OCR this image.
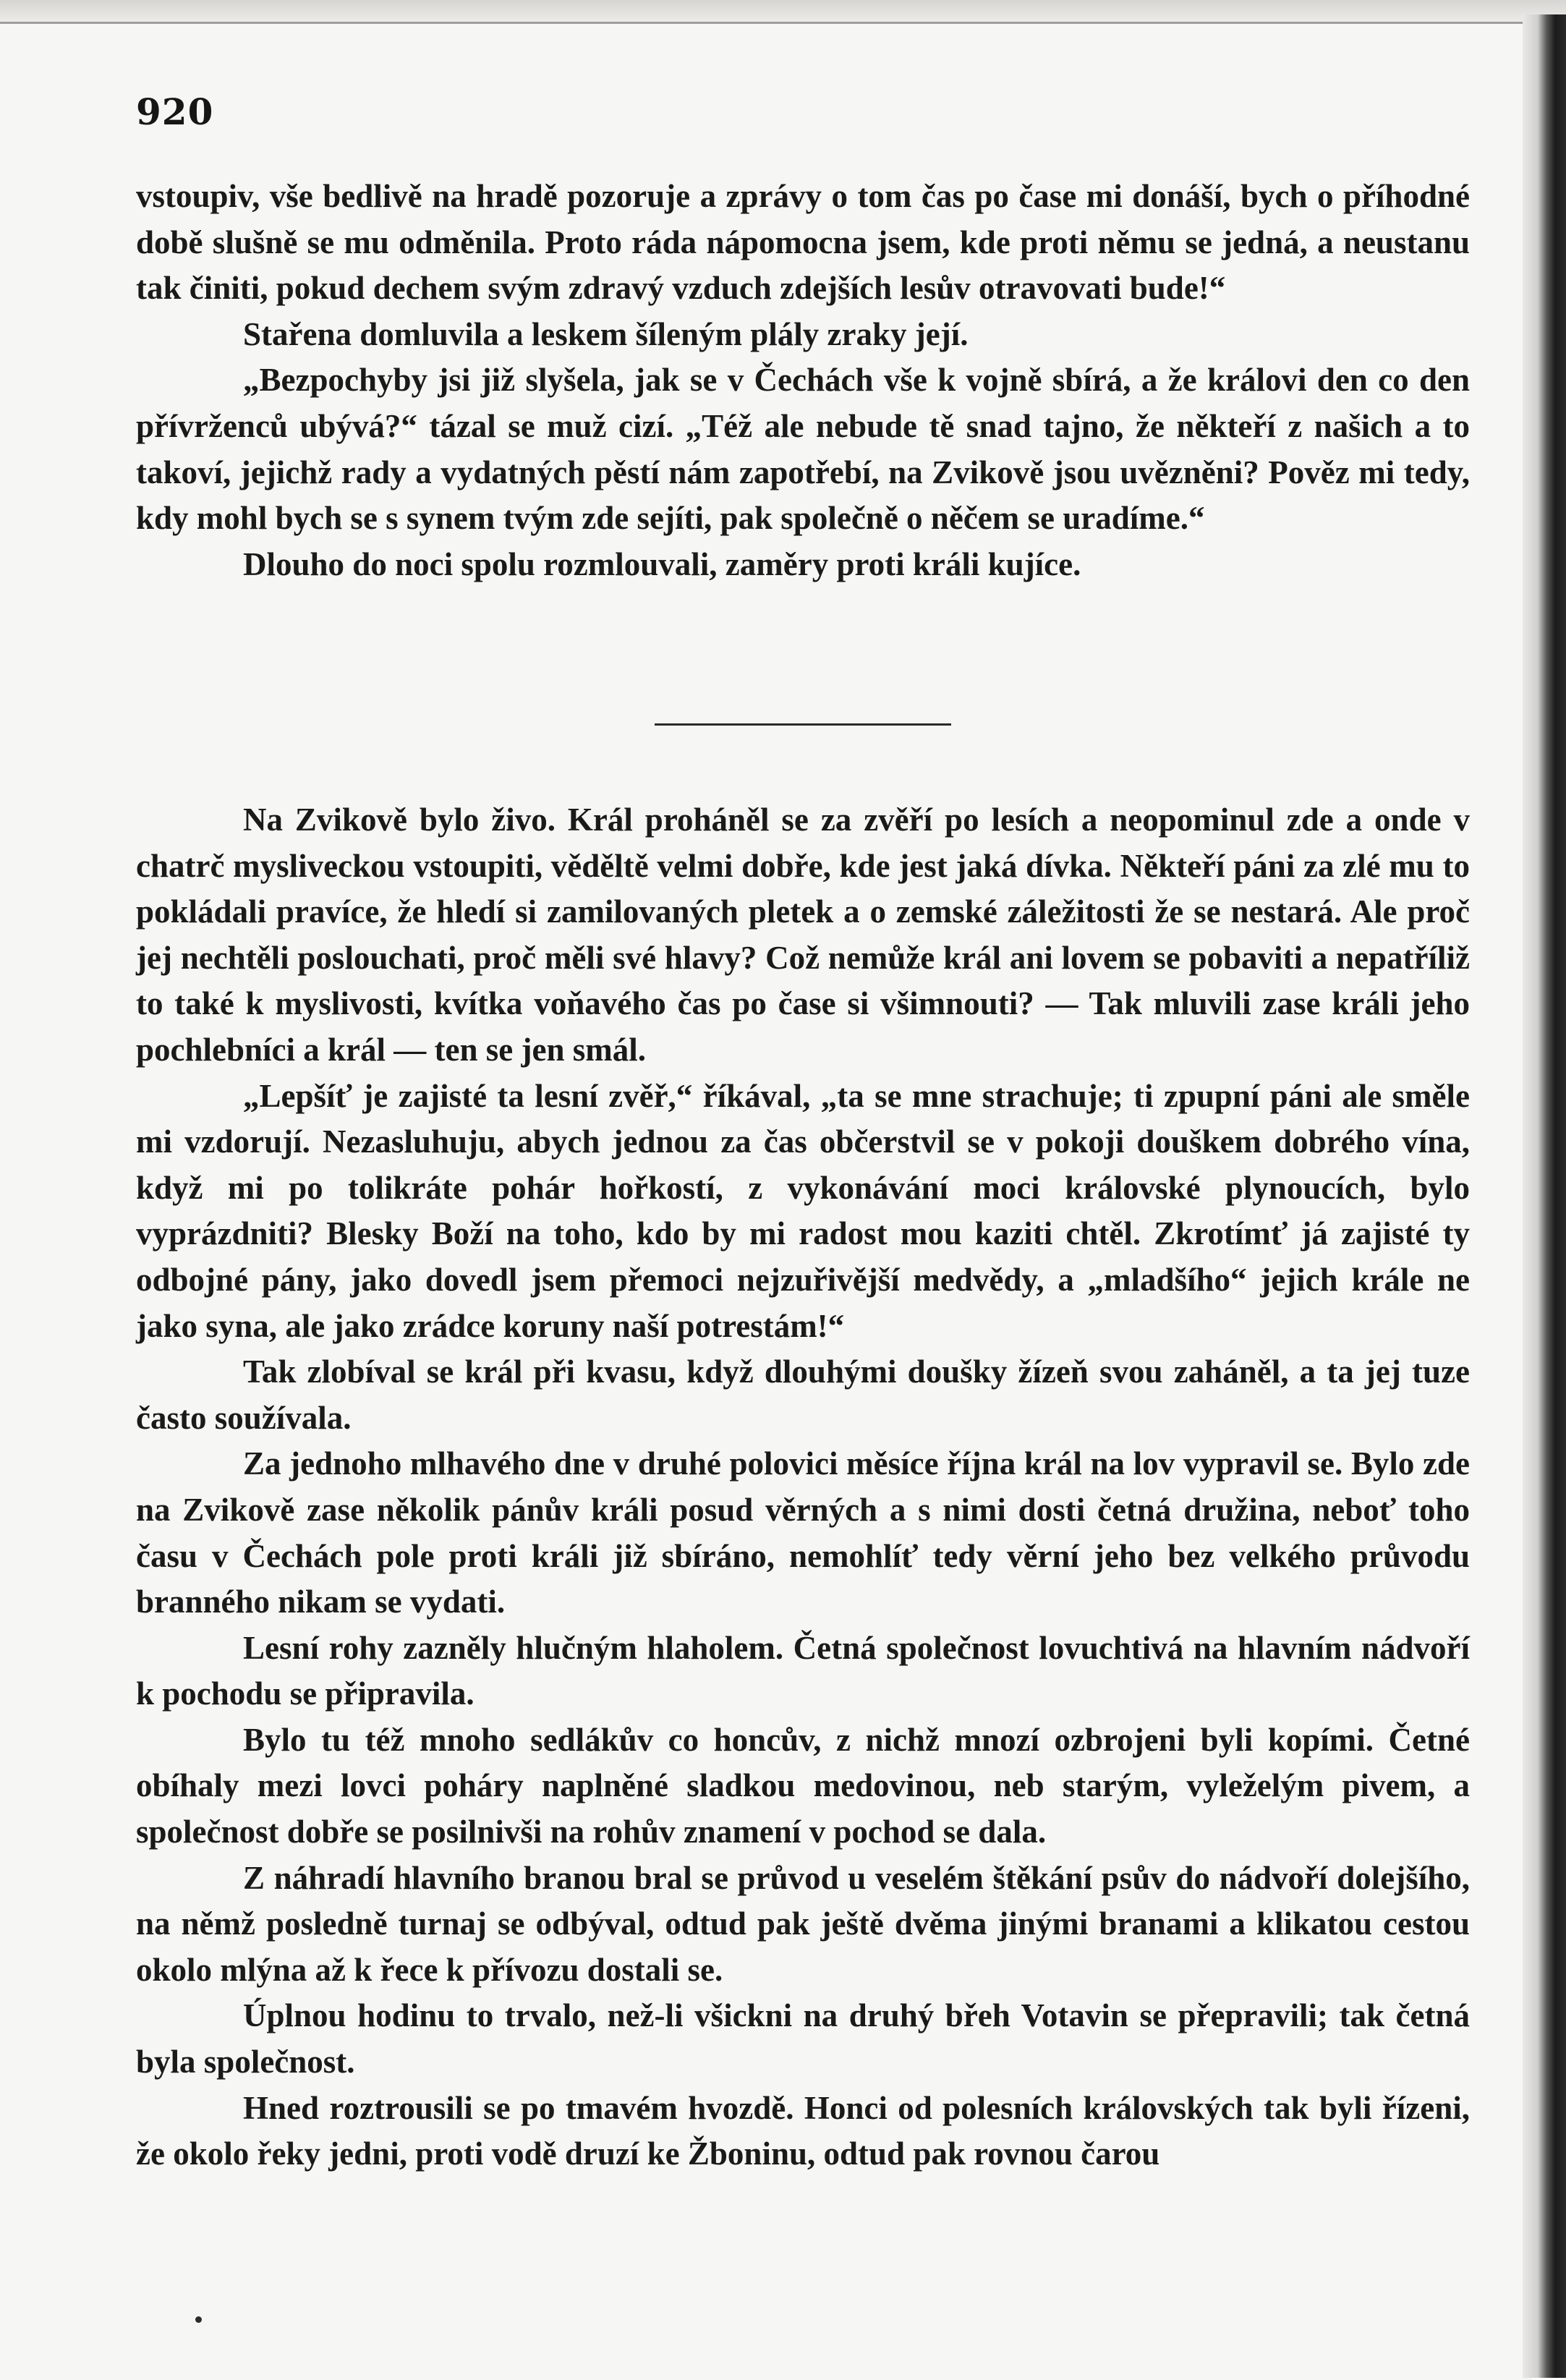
920

vstoupiv, vše bedlivě na hradě pozoruje a zprávy o tom čas po čase mi donáší, bych o příhodné době slušně se mu odměnila. Proto ráda nápomocna jsem, kde proti němu se jedná, a neustanu tak činiti, pokud dechem svým zdravý vzduch zdejších lesův otravovati bude!“

Stařena domluvila a leskem šíleným plály zraky její.

„Bezpochyby jsi již slyšela, jak se v Čechách vše k vojně sbírá, a že královi den co den přívrženců ubývá?“ tázal se muž cizí. „Též ale nebude tě snad tajno, že někteří z našich a to takoví, jejichž rady a vydatných pěstí nám zapotřebí, na Zvikově jsou uvězněni? Pověz mi tedy, kdy mohl bych se s synem tvým zde sejíti, pak společně o něčem se uradíme.“

Dlouho do noci spolu rozmlouvali, zaměry proti králi kujíce.

Na Zvikově bylo živo. Král proháněl se za zvěří po lesích a neopominul zde a onde v chatrč mysliveckou vstoupiti, věděltě velmi dobře, kde jest jaká dívka. Někteří páni za zlé mu to pokládali pravíce, že hledí si zamilovaných pletek a o zemské záležitosti že se nestará. Ale proč jej nechtěli poslouchati, proč měli své hlavy? Což nemůže král ani lovem se pobaviti a nepatříliž to také k myslivosti, kvítka voňavého čas po čase si všimnouti? — Tak mluvili zase králi jeho pochlebníci a král — ten se jen smál.

„Lepšíť je zajisté ta lesní zvěř,“ říkával, „ta se mne strachuje; ti zpupní páni ale směle mi vzdorují. Nezasluhuju, abych jednou za čas občerstvil se v pokoji douškem dobrého vína, když mi po tolikráte pohár hořkostí, z vykonávání moci královské plynoucích, bylo vyprázdniti? Blesky Boží na toho, kdo by mi radost mou kaziti chtěl. Zkrotímť já zajisté ty odbojné pány, jako dovedl jsem přemoci nejzuřivější medvědy, a „mladšího“ jejich krále ne jako syna, ale jako zrádce koruny naší potrestám!“

Tak zlobíval se král při kvasu, když dlouhými doušky žízeň svou zaháněl, a ta jej tuze často soužívala.

Za jednoho mlhavého dne v druhé polovici měsíce října král na lov vypravil se. Bylo zde na Zvikově zase několik pánův králi posud věrných a s nimi dosti četná družina, neboť toho času v Čechách pole proti králi již sbíráno, nemohlíť tedy věrní jeho bez velkého průvodu branného nikam se vydati.

Lesní rohy zazněly hlučným hlaholem. Četná společnost lovuchtivá na hlavním nádvoří k pochodu se připravila.

Bylo tu též mnoho sedlákův co honcův, z nichž mnozí ozbrojeni byli kopími. Četné obíhaly mezi lovci poháry naplněné sladkou medovinou, neb starým, vyleželým pivem, a společnost dobře se posilnivši na rohův znamení v pochod se dala.

Z náhradí hlavního branou bral se průvod u veselém štěkání psův do nádvoří dolejšího, na němž posledně turnaj se odbýval, odtud pak ještě dvěma jinými branami a klikatou cestou okolo mlýna až k řece k přívozu dostali se.

Úplnou hodinu to trvalo, než-li všickni na druhý břeh Votavin se přepravili; tak četná byla společnost.

Hned roztrousili se po tmavém hvozdě. Honci od polesních královských tak byli řízeni, že okolo řeky jedni, proti vodě druzí ke Žboninu, odtud pak rovnou čarou
